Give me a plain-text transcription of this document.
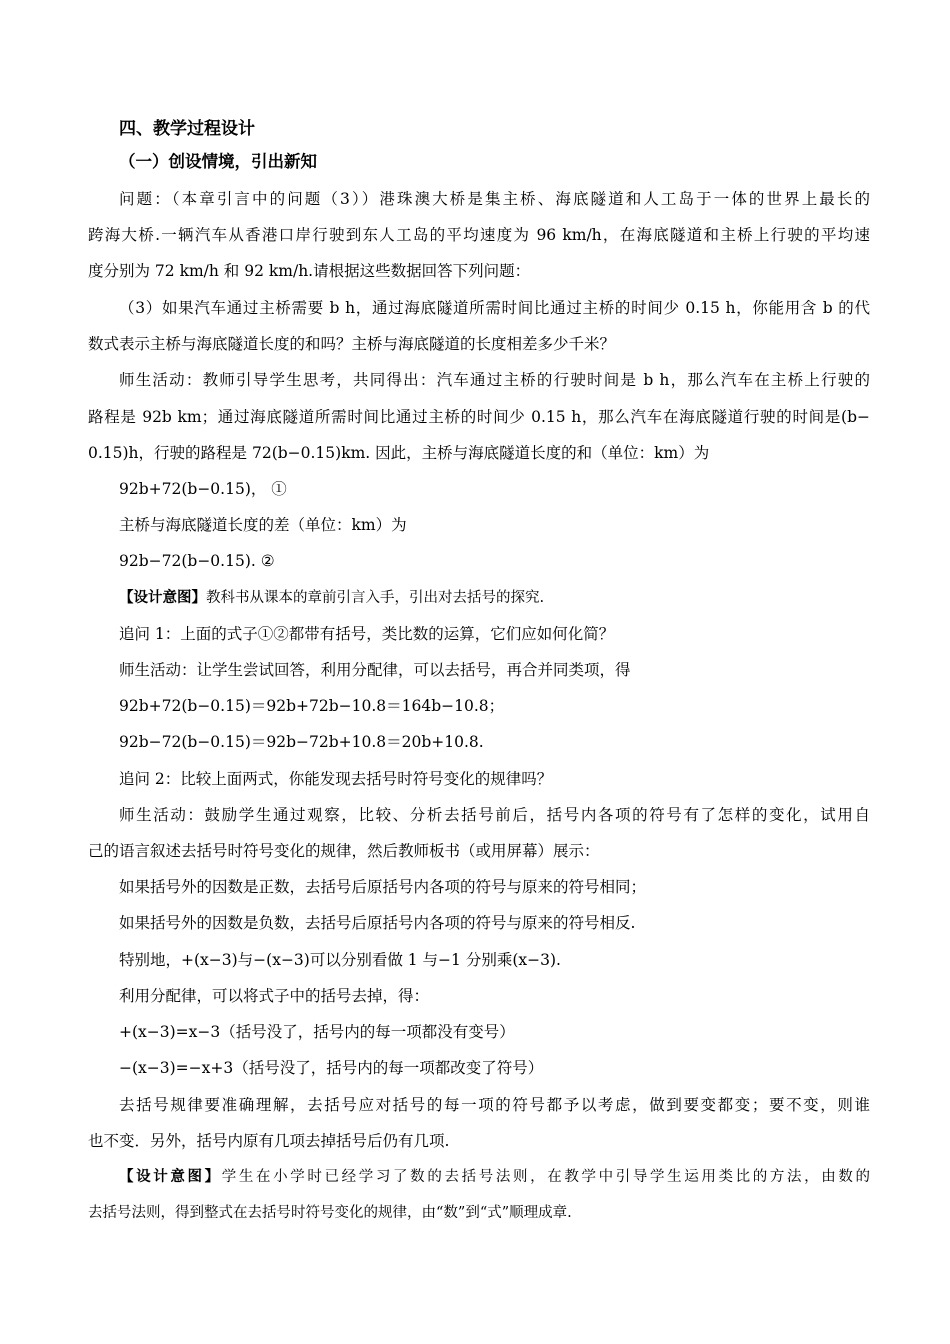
四、教学过程设计
（一）创设情境，引出新知
问题：（本章引言中的问题（3））港珠澳大桥是集主桥、海底隧道和人工岛于一体的世界上最长的
跨海大桥.一辆汽车从香港口岸行驶到东人工岛的平均速度为 96 km/h，在海底隧道和主桥上行驶的平均速
度分别为 72 km/h 和 92 km/h.请根据这些数据回答下列问题：
（3）如果汽车通过主桥需要 b h，通过海底隧道所需时间比通过主桥的时间少 0.15 h，你能用含 b 的代
数式表示主桥与海底隧道长度的和吗？主桥与海底隧道的长度相差多少千米？
师生活动：教师引导学生思考，共同得出：汽车通过主桥的行驶时间是 b h，那么汽车在主桥上行驶的
路程是 92b km；通过海底隧道所需时间比通过主桥的时间少 0.15 h，那么汽车在海底隧道行驶的时间是(b−
0.15)h，行驶的路程是 72(b−0.15)km. 因此，主桥与海底隧道长度的和（单位：km）为
92b+72(b−0.15)， ①
主桥与海底隧道长度的差（单位：km）为
92b−72(b−0.15). ②
【设计意图】教科书从课本的章前引言入手，引出对去括号的探究.
追问 1：上面的式子①②都带有括号，类比数的运算，它们应如何化简？
师生活动：让学生尝试回答，利用分配律，可以去括号，再合并同类项，得
92b+72(b−0.15)＝92b+72b−10.8＝164b−10.8；
92b−72(b−0.15)＝92b−72b+10.8＝20b+10.8.
追问 2：比较上面两式，你能发现去括号时符号变化的规律吗？
师生活动：鼓励学生通过观察，比较、分析去括号前后，括号内各项的符号有了怎样的变化，试用自
己的语言叙述去括号时符号变化的规律，然后教师板书（或用屏幕）展示：
如果括号外的因数是正数，去括号后原括号内各项的符号与原来的符号相同；
如果括号外的因数是负数，去括号后原括号内各项的符号与原来的符号相反.
特别地，+(x−3)与−(x−3)可以分别看做 1 与−1 分别乘(x−3).
利用分配律，可以将式子中的括号去掉，得：
+(x−3)=x−3（括号没了，括号内的每一项都没有变号）
−(x−3)=−x+3（括号没了，括号内的每一项都改变了符号）
去括号规律要准确理解，去括号应对括号的每一项的符号都予以考虑，做到要变都变；要不变，则谁
也不变．另外，括号内原有几项去掉括号后仍有几项.
【设计意图】学生在小学时已经学习了数的去括号法则，在教学中引导学生运用类比的方法，由数的
去括号法则，得到整式在去括号时符号变化的规律，由“数”到“式”顺理成章.
